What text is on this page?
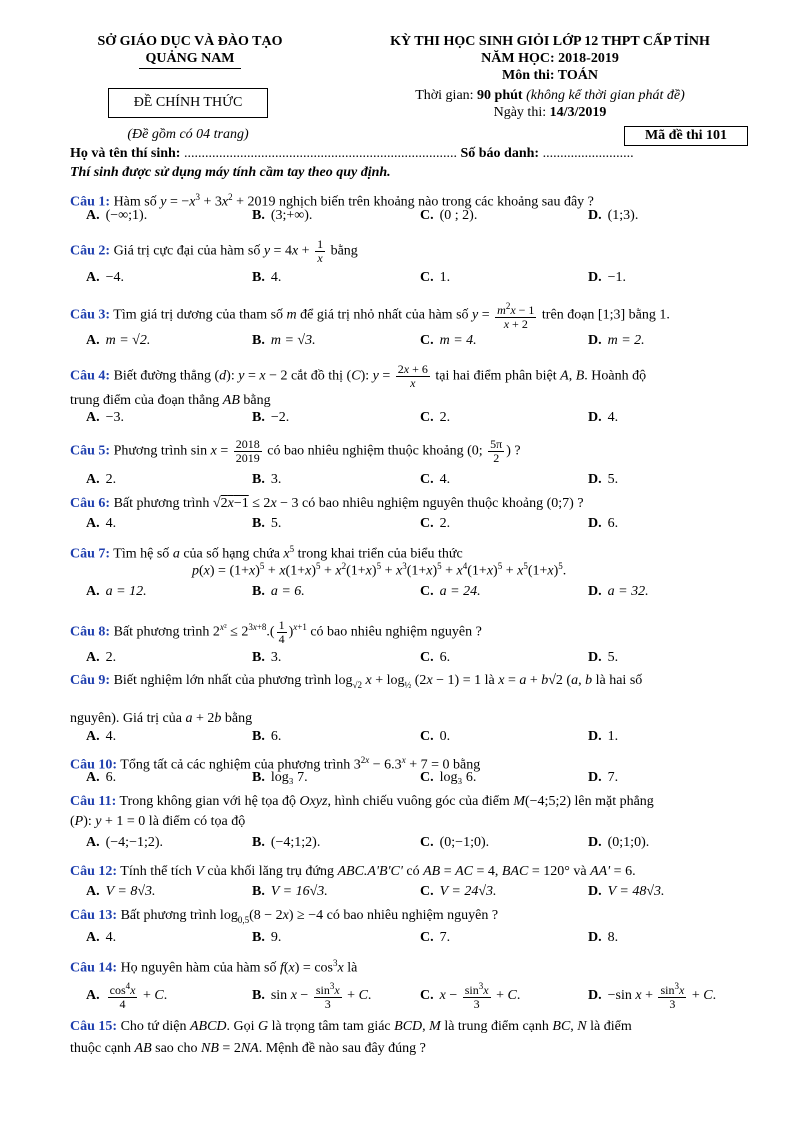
SỞ GIÁO DỤC VÀ ĐÀO TẠO
QUẢNG NAM
ĐỀ CHÍNH THỨC
(Đề gồm có 04 trang)
KỲ THI HỌC SINH GIỎI LỚP 12 THPT CẤP TỈNH
NĂM HỌC: 2018-2019
Môn thi: TOÁN
Thời gian: 90 phút (không kể thời gian phát đề)
Ngày thi: 14/3/2019
Mã đề thi 101
Họ và tên thí sinh: .............................................................................. Số báo danh: ..........................
Thí sinh được sử dụng máy tính cầm tay theo quy định.
Câu 1: Hàm số $y = -x^3 + 3x^2 + 2019$ nghịch biến trên khoảng nào trong các khoảng sau đây ?
A. (−∞;1).	B. (3;+∞).	C. (0 ; 2).	D. (1;3).
Câu 2: Giá trị cực đại của hàm số $y = 4x + \frac{1}{x}$ bằng
A. −4.	B. 4.	C. 1.	D. −1.
Câu 3: Tìm giá trị dương của tham số m để giá trị nhỏ nhất của hàm số $y = \frac{m^2x - 1}{x + 2}$ trên đoạn [1;3] bằng 1.
A. m = √2.	B. m = √3.	C. m = 4.	D. m = 2.
Câu 4: Biết đường thẳng (d): y = x − 2 cắt đồ thị (C): $y = \frac{2x + 6}{x}$ tại hai điểm phân biệt A, B. Hoành độ
trung điểm của đoạn thẳng AB bằng
A. −3.	B. −2.	C. 2.	D. 4.
Câu 5: Phương trình $\sin x = \frac{2018}{2019}$ có bao nhiêu nghiệm thuộc khoảng (0; $\frac{5\pi}{2}$ ) ?
A. 2.	B. 3.	C. 4.	D. 5.
Câu 6: Bất phương trình √2x−1 ≤ 2x − 3 có bao nhiêu nghiệm nguyên thuộc khoảng (0;7) ?
A. 4.	B. 5.	C. 2.	D. 6.
Câu 7: Tìm hệ số a của số hạng chứa $x^5$ trong khai triển của biểu thức
$p(x) = (1+x)^5 + x(1+x)^5 + x^2(1+x)^5 + x^3(1+x)^5 + x^4(1+x)^5 + x^5(1+x)^5$.
A. a = 12.	B. a = 6.	C. a = 24.	D. a = 32.
Câu 8: Bất phương trình $2^{x^2} \le 2^{3x+8}.( \frac{1}{4} )^{x+1}$ có bao nhiêu nghiệm nguyên ?
A. 2.	B. 3.	C. 6.	D. 5.
Câu 9: Biết nghiệm lớn nhất của phương trình $\log_{√2} x + \log_{\frac{1}{2}} (2x - 1) = 1$ là x = a + b√2 (a, b là hai số
nguyên). Giá trị của a + 2b bằng
A. 4.	B. 6.	C. 0.	D. 1.
Câu 10: Tổng tất cả các nghiệm của phương trình $3^{2x} - 6.3^x + 7 = 0$ bằng
A. 6.	B. log₃ 7.	C. log₃ 6.	D. 7.
Câu 11: Trong không gian với hệ tọa độ Oxyz, hình chiếu vuông góc của điểm M(−4;5;2) lên mặt phẳng
(P): y + 1 = 0 là điểm có tọa độ
A. (−4;−1;2).	B. (−4;1;2).	C. (0;−1;0).	D. (0;1;0).
Câu 12: Tính thể tích V của khối lăng trụ đứng ABC.A'B'C' có AB = AC = 4, BAC = 120° và AA' = 6.
A. V = 8√3.	B. V = 16√3.	C. V = 24√3.	D. V = 48√3.
Câu 13: Bất phương trình $\log_{0,5}(8 - 2x) \ge -4$ có bao nhiêu nghiệm nguyên ?
A. 4.	B. 9.	C. 7.	D. 8.
Câu 14: Họ nguyên hàm của hàm số $f(x) = \cos^3x$ là
A. $\frac{\cos^4x}{4} + C$.	B. $\sin x - \frac{\sin^3x}{3} + C$.	C. $x - \frac{\sin^3x}{3} + C$.	D. −sin $x + \frac{\sin^3x}{3} + C$.
Câu 15: Cho tứ diện ABCD. Gọi G là trọng tâm tam giác BCD, M là trung điểm cạnh BC, N là điểm
thuộc cạnh AB sao cho NB = 2NA. Mệnh đề nào sau đây đúng ?
